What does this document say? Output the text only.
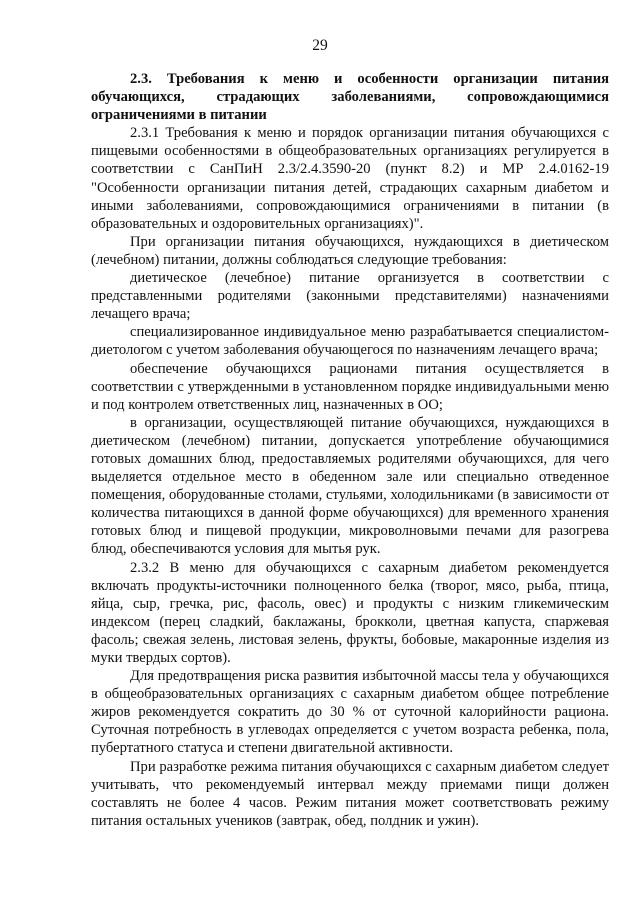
29

2.3. Требования к меню и особенности организации питания обучающихся, страдающих заболеваниями, сопровождающимися ограничениями в питании

2.3.1 Требования к меню и порядок организации питания обучающихся с пищевыми особенностями в общеобразовательных организациях регулируется в соответствии с СанПиН 2.3/2.4.3590-20 (пункт 8.2) и МР 2.4.0162-19 "Особенности организации питания детей, страдающих сахарным диабетом и иными заболеваниями, сопровождающимися ограничениями в питании (в образовательных и оздоровительных организациях)".

При организации питания обучающихся, нуждающихся в диетическом (лечебном) питании, должны соблюдаться следующие требования:

диетическое (лечебное) питание организуется в соответствии с представленными родителями (законными представителями) назначениями лечащего врача;

специализированное индивидуальное меню разрабатывается специалистом-диетологом с учетом заболевания обучающегося по назначениям лечащего врача;

обеспечение обучающихся рационами питания осуществляется в соответствии с утвержденными в установленном порядке индивидуальными меню и под контролем ответственных лиц, назначенных в ОО;

в организации, осуществляющей питание обучающихся, нуждающихся в диетическом (лечебном) питании, допускается употребление обучающимися готовых домашних блюд, предоставляемых родителями обучающихся, для чего выделяется отдельное место в обеденном зале или специально отведенное помещения, оборудованные столами, стульями, холодильниками (в зависимости от количества питающихся в данной форме обучающихся) для временного хранения готовых блюд и пищевой продукции, микроволновыми печами для разогрева блюд, обеспечиваются условия для мытья рук.

2.3.2 В меню для обучающихся с сахарным диабетом рекомендуется включать продукты-источники полноценного белка (творог, мясо, рыба, птица, яйца, сыр, гречка, рис, фасоль, овес) и продукты с низким гликемическим индексом (перец сладкий, баклажаны, брокколи, цветная капуста, спаржевая фасоль; свежая зелень, листовая зелень, фрукты, бобовые, макаронные изделия из муки твердых сортов).

Для предотвращения риска развития избыточной массы тела у обучающихся в общеобразовательных организациях с сахарным диабетом общее потребление жиров рекомендуется сократить до 30 % от суточной калорийности рациона. Суточная потребность в углеводах определяется с учетом возраста ребенка, пола, пубертатного статуса и степени двигательной активности.

При разработке режима питания обучающихся с сахарным диабетом следует учитывать, что рекомендуемый интервал между приемами пищи должен составлять не более 4 часов. Режим питания может соответствовать режиму питания остальных учеников (завтрак, обед, полдник и ужин).
